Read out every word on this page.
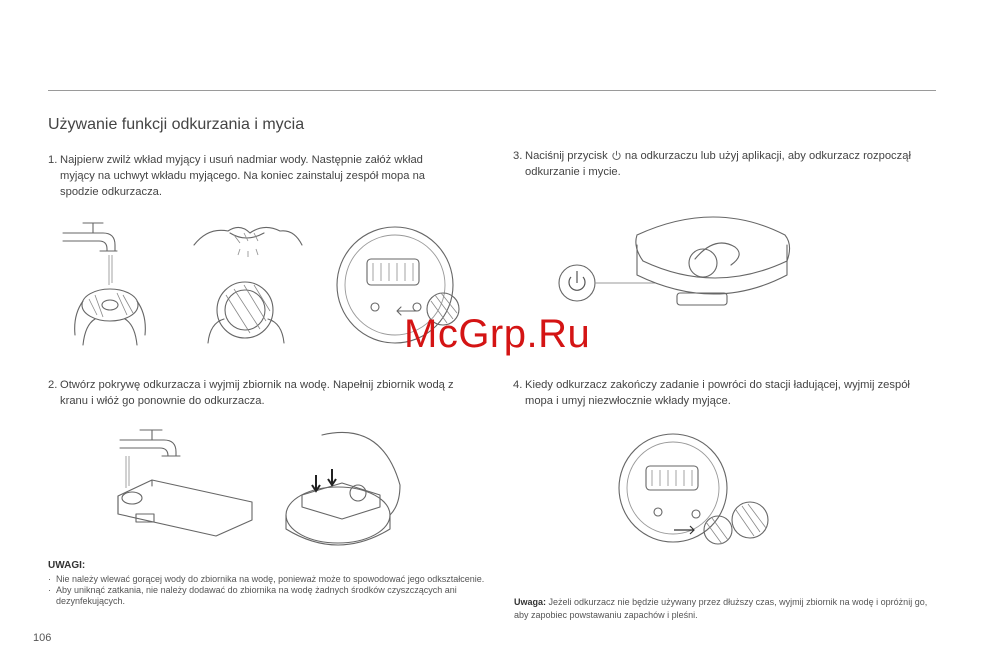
Używanie funkcji odkurzania i mycia
1. Najpierw zwilż wkład myjący i usuń nadmiar wody. Następnie załóż wkład myjący na uchwyt wkładu myjącego. Na koniec zainstaluj zespół mopa na spodzie odkurzacza.
3. Naciśnij przycisk na odkurzaczu lub użyj aplikacji, aby odkurzacz rozpoczął odkurzanie i mycie.
2. Otwórz pokrywę odkurzacza i wyjmij zbiornik na wodę. Napełnij zbiornik wodą z kranu i włóż go ponownie do odkurzacza.
4. Kiedy odkurzacz zakończy zadanie i powróci do stacji ładującej, wyjmij zespół mopa i umyj niezwłocznie wkłady myjące.
UWAGI:
· Nie należy wlewać gorącej wody do zbiornika na wodę, ponieważ może to spowodować jego odkształcenie.
· Aby uniknąć zatkania, nie należy dodawać do zbiornika na wodę żadnych środków czyszczących ani dezynfekujących.	Uwaga: Jeżeli odkurzacz nie będzie używany przez dłuższy czas, wyjmij zbiornik na wodę i opróżnij go, aby zapobiec powstawaniu zapachów i pleśni.
106
McGrp.Ru
